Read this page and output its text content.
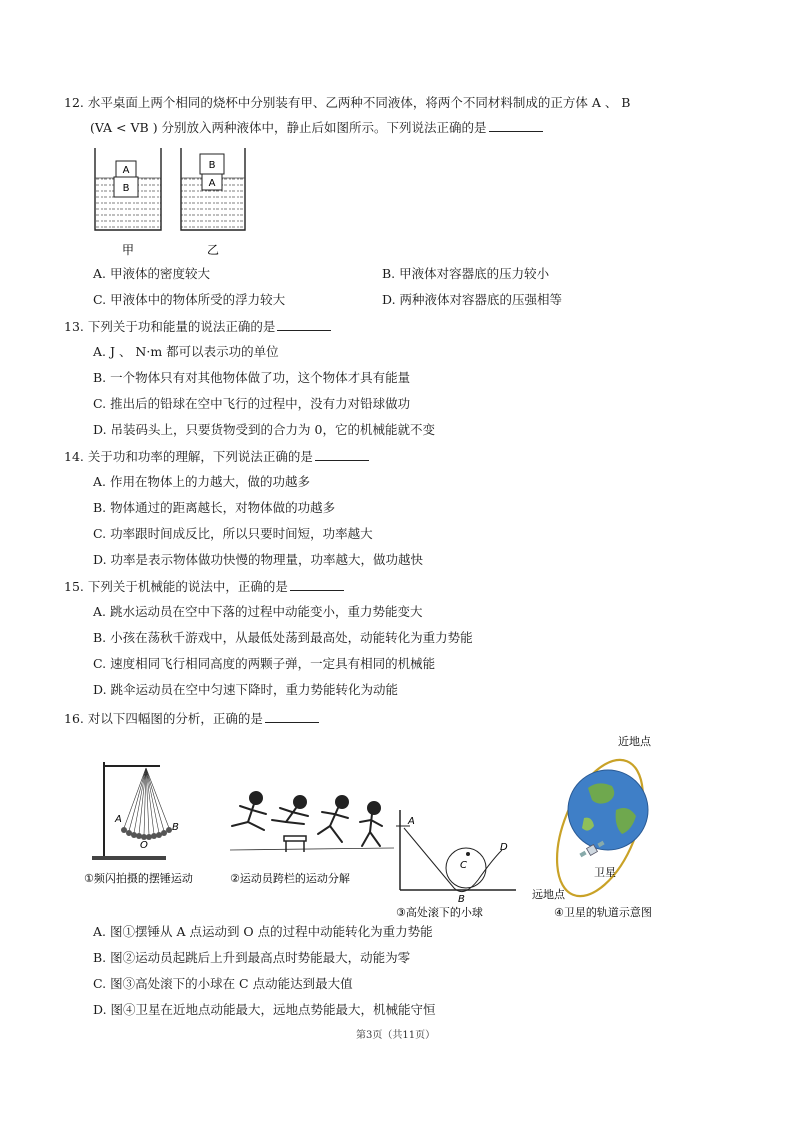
12. 水平桌面上两个相同的烧杯中分别装有甲、乙两种不同液体，将两个不同材料制成的正方体 A 、 B
(VA < VB ) 分别放入两种液体中，静止后如图所示。下列说法正确的是
A
B
B
A
甲	乙
A. 甲液体的密度较大	B. 甲液体对容器底的压力较小
C. 甲液体中的物体所受的浮力较大	D. 两种液体对容器底的压强相等
13. 下列关于功和能量的说法正确的是
A. J 、 N·m 都可以表示功的单位
B. 一个物体只有对其他物体做了功，这个物体才具有能量
C. 推出后的铅球在空中飞行的过程中，没有力对铅球做功
D. 吊装码头上，只要货物受到的合力为 0，它的机械能就不变
14. 关于功和功率的理解，下列说法正确的是
A. 作用在物体上的力越大，做的功越多
B. 物体通过的距离越长，对物体做的功越多
C. 功率跟时间成反比，所以只要时间短，功率越大
D. 功率是表示物体做功快慢的物理量，功率越大，做功越快
15. 下列关于机械能的说法中，正确的是
A. 跳水运动员在空中下落的过程中动能变小，重力势能变大
B. 小孩在荡秋千游戏中，从最低处荡到最高处，动能转化为重力势能
C. 速度相同飞行相同高度的两颗子弹，一定具有相同的机械能
D. 跳伞运动员在空中匀速下降时，重力势能转化为动能
16. 对以下四幅图的分析，正确的是
A
B
O
①频闪拍摄的摆锤运动	②运动员跨栏的运动分解
A
C
D
B
③高处滚下的小球
近地点
卫星
远地点
④卫星的轨道示意图
A. 图①摆锤从 A 点运动到 O 点的过程中动能转化为重力势能
B. 图②运动员起跳后上升到最高点时势能最大，动能为零
C. 图③高处滚下的小球在 C 点动能达到最大值
D. 图④卫星在近地点动能最大，远地点势能最大，机械能守恒
第3页（共11页）
